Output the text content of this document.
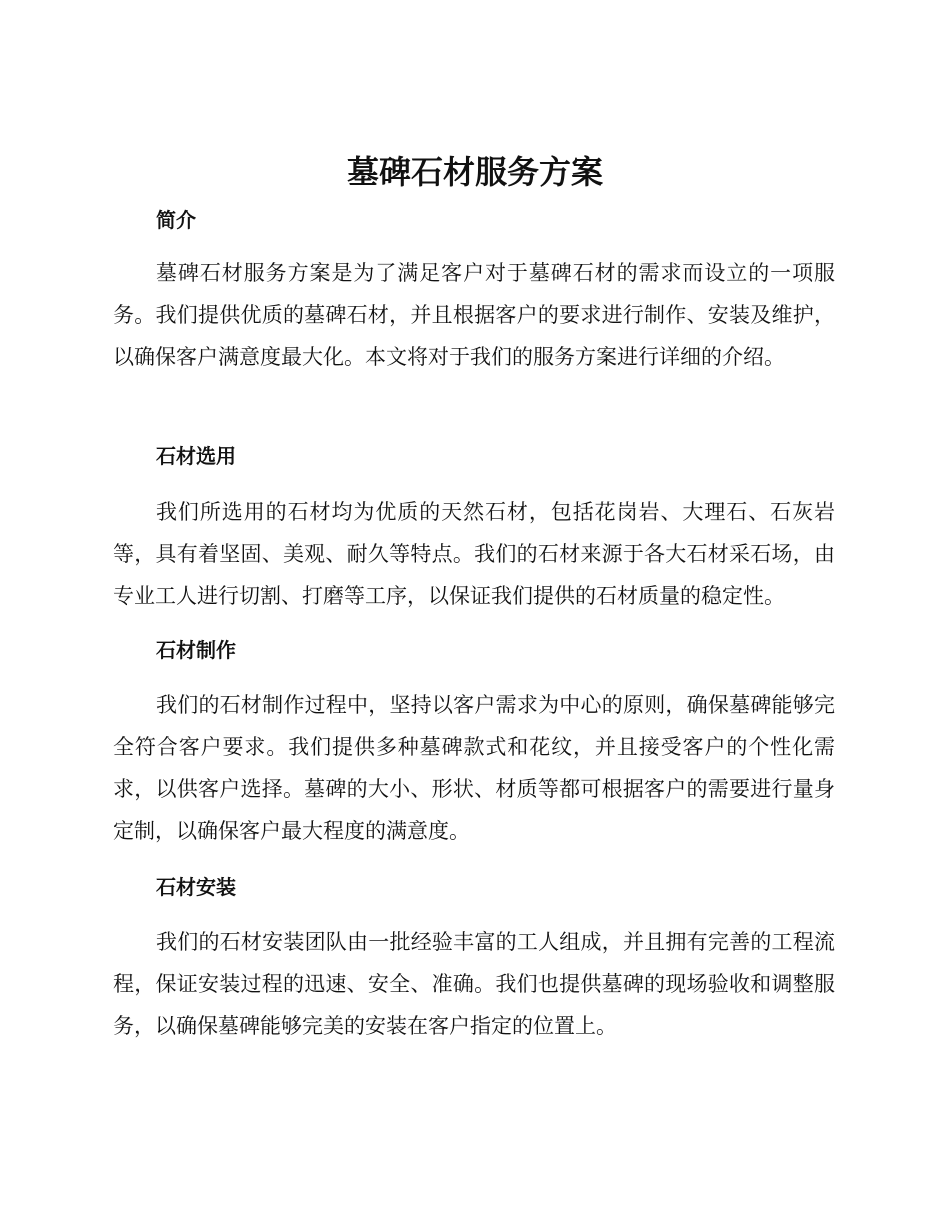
墓碑石材服务方案
简介

墓碑石材服务方案是为了满足客户对于墓碑石材的需求而设立的一项服务。我们提供优质的墓碑石材，并且根据客户的要求进行制作、安装及维护，以确保客户满意度最大化。本文将对于我们的服务方案进行详细的介绍。

石材选用

我们所选用的石材均为优质的天然石材，包括花岗岩、大理石、石灰岩等，具有着坚固、美观、耐久等特点。我们的石材来源于各大石材采石场，由专业工人进行切割、打磨等工序，以保证我们提供的石材质量的稳定性。

石材制作

我们的石材制作过程中，坚持以客户需求为中心的原则，确保墓碑能够完全符合客户要求。我们提供多种墓碑款式和花纹，并且接受客户的个性化需求，以供客户选择。墓碑的大小、形状、材质等都可根据客户的需要进行量身定制，以确保客户最大程度的满意度。

石材安装

我们的石材安装团队由一批经验丰富的工人组成，并且拥有完善的工程流程，保证安装过程的迅速、安全、准确。我们也提供墓碑的现场验收和调整服务，以确保墓碑能够完美的安装在客户指定的位置上。
